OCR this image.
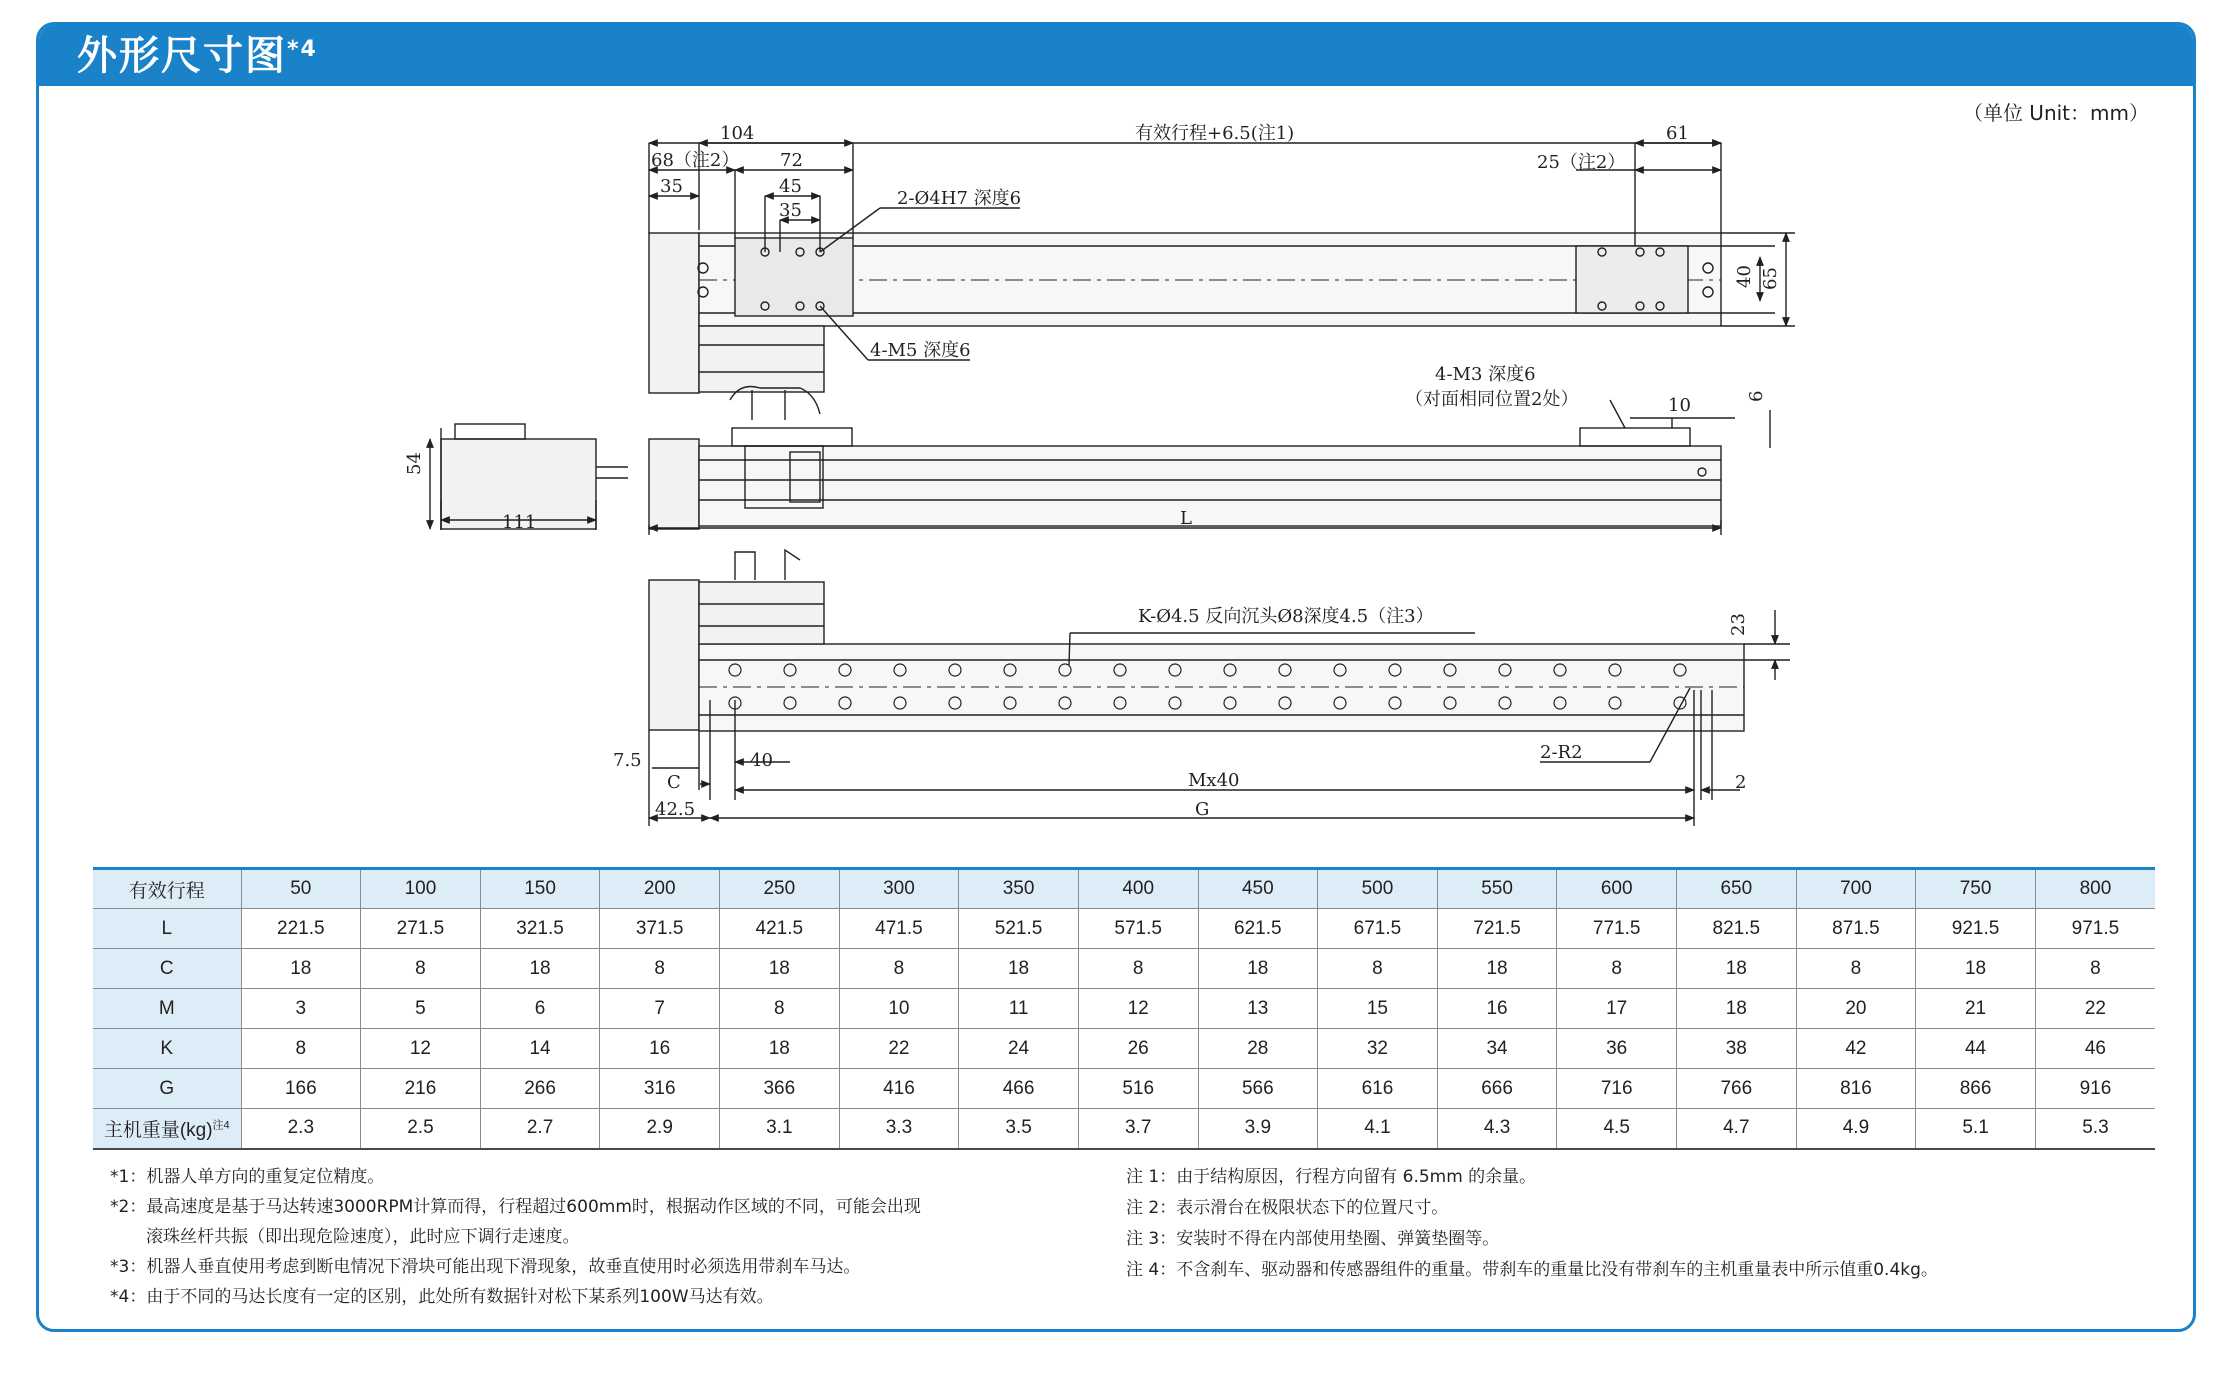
外形尺寸图$^{*4}$
（单位 Unit：mm）
104	有效行程+6.5(注1)	61
68（注2） 72	25（注2）
35	45
35
2-Ø4H7 深度6
40 65
4-M5 深度6
4-M3 深度6
（对面相同位置2处）	10	6
54
111	L
K-Ø4.5 反向沉头Ø8深度4.5（注3）	23
7.5	40	2-R2
C	Mx40	2
42.5	G
有效行程	50	100	150	200	250	300	350	400	450	500	550	600	650	700	750	800
L	221.5	271.5	321.5	371.5	421.5	471.5	521.5	571.5	621.5	671.5	721.5	771.5	821.5	871.5	921.5	971.5
C	18	8	18	8	18	8	18	8	18	8	18	8	18	8	18	8
M	3	5	6	7	8	10	11	12	13	15	16	17	18	20	21	22
K	8	12	14	16	18	22	24	26	28	32	34	36	38	42	44	46
G	166	216	266	316	366	416	466	516	566	616	666	716	766	816	866	916
主机重量(kg)$^{注4}$	2.3	2.5	2.7	2.9	3.1	3.3	3.5	3.7	3.9	4.1	4.3	4.5	4.7	4.9	5.1	5.3
*1：机器人单方向的重复定位精度。
*2：最高速度是基于马达转速3000RPM计算而得，行程超过600mm时，根据动作区域的不同，可能会出现
滚珠丝杆共振（即出现危险速度），此时应下调行走速度。
*3：机器人垂直使用考虑到断电情况下滑块可能出现下滑现象，故垂直使用时必须选用带刹车马达。
*4：由于不同的马达长度有一定的区别，此处所有数据针对松下某系列100W马达有效。
注 1：由于结构原因，行程方向留有 6.5mm 的余量。
注 2：表示滑台在极限状态下的位置尺寸。
注 3：安装时不得在内部使用垫圈、弹簧垫圈等。
注 4：不含刹车、驱动器和传感器组件的重量。带刹车的重量比没有带刹车的主机重量表中所示值重0.4kg。
